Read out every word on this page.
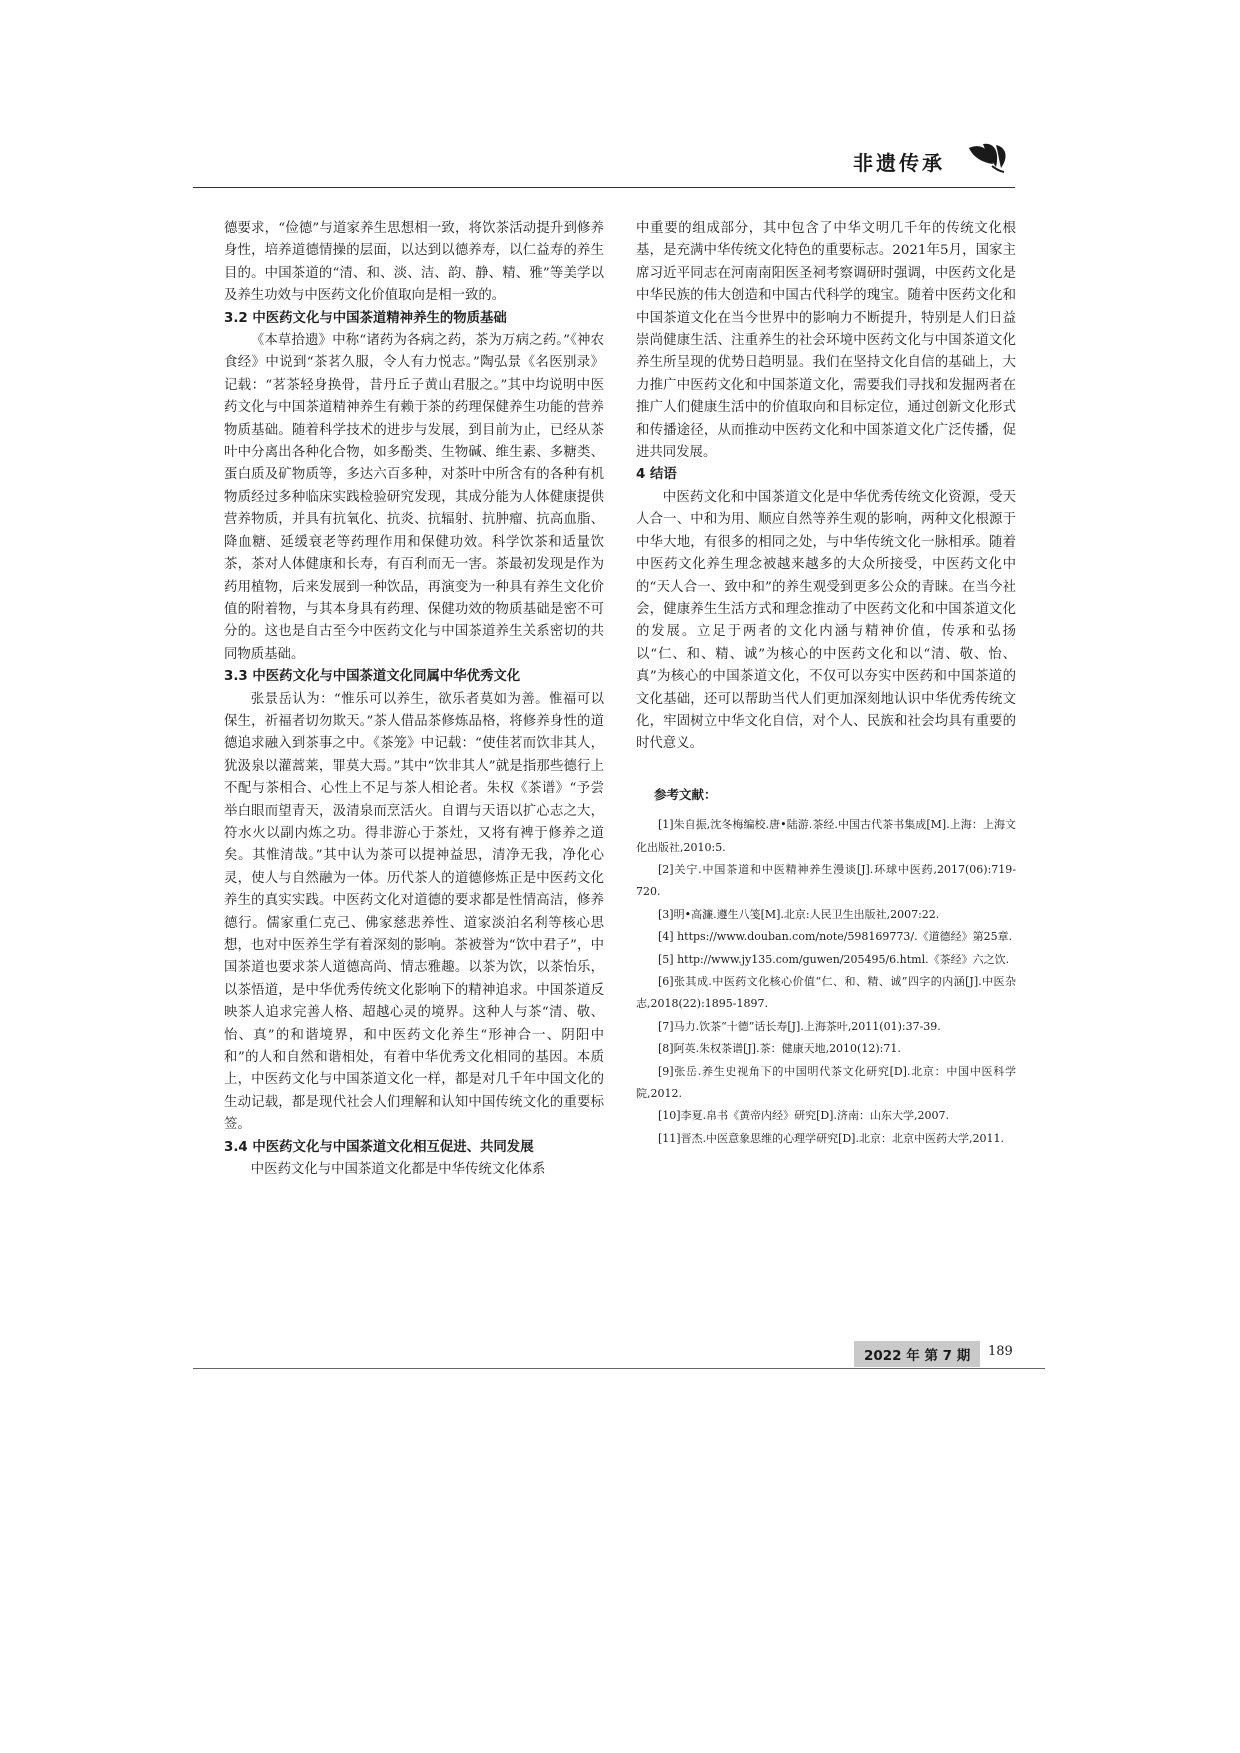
非遗传承

德要求，“俭德”与道家养生思想相一致，将饮茶活动提升到修养身性，培养道德情操的层面，以达到以德养寿，以仁益寿的养生目的。中国茶道的“清、和、淡、洁、韵、静、精、雅”等美学以及养生功效与中医药文化价值取向是相一致的。

3.2 中医药文化与中国茶道精神养生的物质基础

《本草拾遗》中称“诸药为各病之药，茶为万病之药。”《神农食经》中说到“茶茗久服，令人有力悦志。”陶弘景《名医别录》记载：“茗茶轻身换骨，昔丹丘子黄山君服之。”其中均说明中医药文化与中国茶道精神养生有赖于茶的药理保健养生功能的营养物质基础。随着科学技术的进步与发展，到目前为止，已经从茶叶中分离出各种化合物，如多酚类、生物碱、维生素、多糖类、蛋白质及矿物质等，多达六百多种，对茶叶中所含有的各种有机物质经过多种临床实践检验研究发现，其成分能为人体健康提供营养物质，并具有抗氧化、抗炎、抗辐射、抗肿瘤、抗高血脂、降血糖、延缓衰老等药理作用和保健功效。科学饮茶和适量饮茶，茶对人体健康和长寿，有百利而无一害。茶最初发现是作为药用植物，后来发展到一种饮品，再演变为一种具有养生文化价值的附着物，与其本身具有药理、保健功效的物质基础是密不可分的。这也是自古至今中医药文化与中国茶道养生关系密切的共同物质基础。

3.3 中医药文化与中国茶道文化同属中华优秀文化

张景岳认为：“惟乐可以养生，欲乐者莫如为善。惟福可以保生，祈福者切勿欺天。”茶人借品茶修炼品格，将修养身性的道德追求融入到茶事之中。《茶笼》中记载：“使佳茗而饮非其人，犹汲泉以灌蒿莱，罪莫大焉。”其中“饮非其人”就是指那些德行上不配与茶相合、心性上不足与茶人相论者。朱权《茶谱》“予尝举白眼而望青天，汲清泉而烹活火。自谓与天语以扩心志之大，符水火以副内炼之功。得非游心于茶灶，又将有裨于修养之道矣。其惟清哉。”其中认为茶可以提神益思，清净无我，净化心灵，使人与自然融为一体。历代茶人的道德修炼正是中医药文化养生的真实实践。中医药文化对道德的要求都是性情高洁，修养德行。儒家重仁克己、佛家慈悲养性、道家淡泊名利等核心思想，也对中医养生学有着深刻的影响。茶被誉为“饮中君子”，中国茶道也要求茶人道德高尚、情志雅趣。以茶为饮，以茶怡乐，以茶悟道，是中华优秀传统文化影响下的精神追求。中国茶道反映茶人追求完善人格、超越心灵的境界。这种人与茶“清、敬、怡、真”的和谐境界，和中医药文化养生“形神合一、阴阳中和”的人和自然和谐相处，有着中华优秀文化相同的基因。本质上，中医药文化与中国茶道文化一样，都是对几千年中国文化的生动记载，都是现代社会人们理解和认知中国传统文化的重要标签。

3.4 中医药文化与中国茶道文化相互促进、共同发展

中医药文化与中国茶道文化都是中华传统文化体系

中重要的组成部分，其中包含了中华文明几千年的传统文化根基，是充满中华传统文化特色的重要标志。2021年5月，国家主席习近平同志在河南南阳医圣祠考察调研时强调，中医药文化是中华民族的伟大创造和中国古代科学的瑰宝。随着中医药文化和中国茶道文化在当今世界中的影响力不断提升，特别是人们日益崇尚健康生活、注重养生的社会环境中医药文化与中国茶道文化养生所呈现的优势日趋明显。我们在坚持文化自信的基础上，大力推广中医药文化和中国茶道文化，需要我们寻找和发掘两者在推广人们健康生活中的价值取向和目标定位，通过创新文化形式和传播途径，从而推动中医药文化和中国茶道文化广泛传播，促进共同发展。

4 结语

中医药文化和中国茶道文化是中华优秀传统文化资源，受天人合一、中和为用、顺应自然等养生观的影响，两种文化根源于中华大地，有很多的相同之处，与中华传统文化一脉相承。随着中医药文化养生理念被越来越多的大众所接受，中医药文化中的“天人合一、致中和”的养生观受到更多公众的青睐。在当今社会，健康养生生活方式和理念推动了中医药文化和中国茶道文化的发展。立足于两者的文化内涵与精神价值，传承和弘扬以“仁、和、精、诚”为核心的中医药文化和以“清、敬、怡、真”为核心的中国茶道文化，不仅可以夯实中医药和中国茶道的文化基础，还可以帮助当代人们更加深刻地认识中华优秀传统文化，牢固树立中华文化自信，对个人、民族和社会均具有重要的时代意义。

参考文献：
[1]朱自振,沈冬梅编校.唐•陆游.茶经.中国古代茶书集成[M].上海：上海文化出版社,2010:5.
[2]关宁.中国茶道和中医精神养生漫谈[J].环球中医药,2017(06):719-720.
[3]明•高濂.遵生八笺[M].北京:人民卫生出版社,2007:22.
[4] https://www.douban.com/note/598169773/.《道德经》第25章.
[5] http://www.jy135.com/guwen/205495/6.html.《茶经》六之饮.
[6]张其成.中医药文化核心价值“仁、和、精、诚”四字的内涵[J].中医杂志,2018(22):1895-1897.
[7]马力.饮茶“十德”话长寿[J].上海茶叶,2011(01):37-39.
[8]阿英.朱权茶谱[J].茶：健康天地,2010(12):71.
[9]张岳.养生史视角下的中国明代茶文化研究[D].北京：中国中医科学院,2012.
[10]李夏.帛书《黄帝内经》研究[D].济南：山东大学,2007.
[11]晋杰.中医意象思维的心理学研究[D].北京：北京中医药大学,2011.
2022 年 第 7 期	189
